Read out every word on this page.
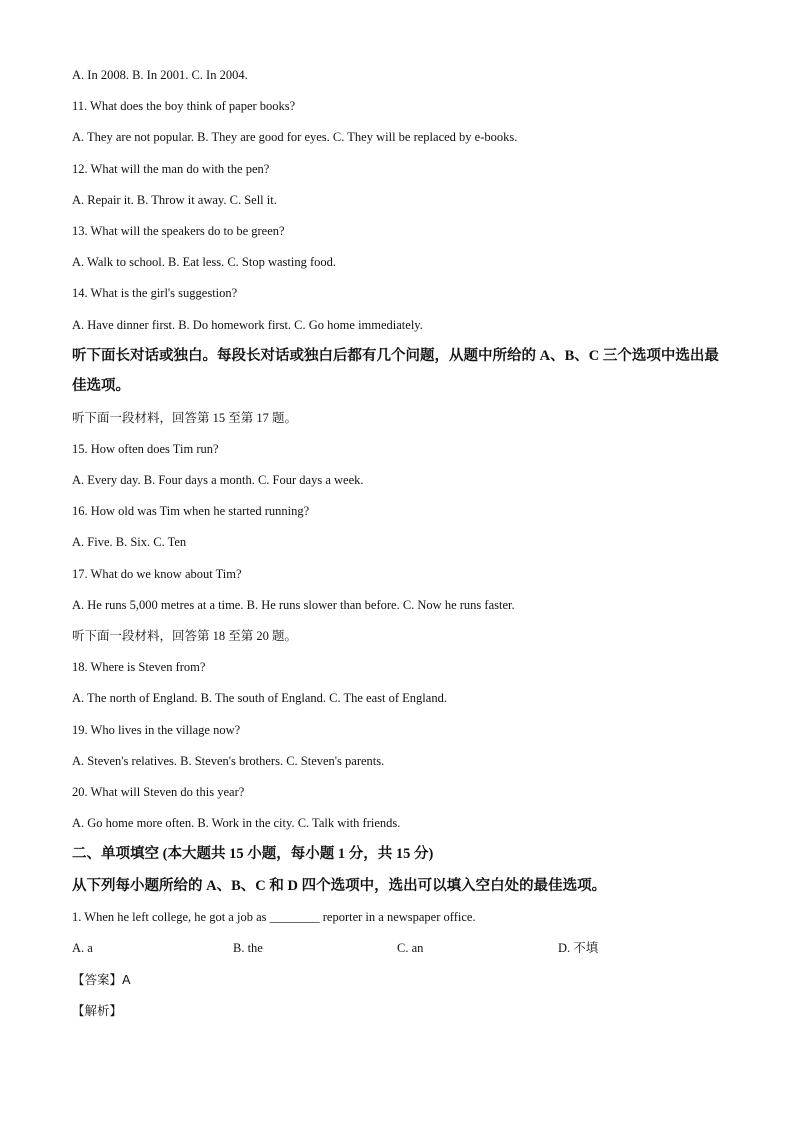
A. In 2008. B. In 2001. C. In 2004.
11. What does the boy think of paper books?
A. They are not popular. B. They are good for eyes. C. They will be replaced by e-books.
12. What will the man do with the pen?
A. Repair it. B. Throw it away. C. Sell it.
13. What will the speakers do to be green?
A. Walk to school. B. Eat less. C. Stop wasting food.
14. What is the girl's suggestion?
A. Have dinner first. B. Do homework first. C. Go home immediately.
听下面长对话或独白。每段长对话或独白后都有几个问题，从题中所给的 A、B、C 三个选项中选出最佳选项。
听下面一段材料，回答第 15 至第 17 题。
15. How often does Tim run?
A. Every day. B. Four days a month. C. Four days a week.
16. How old was Tim when he started running?
A. Five. B. Six. C. Ten
17. What do we know about Tim?
A. He runs 5,000 metres at a time. B. He runs slower than before. C. Now he runs faster.
听下面一段材料，回答第 18 至第 20 题。
18. Where is Steven from?
A. The north of England. B. The south of England. C. The east of England.
19. Who lives in the village now?
A. Steven's relatives. B. Steven's brothers. C. Steven's parents.
20. What will Steven do this year?
A. Go home more often. B. Work in the city. C. Talk with friends.
二、单项填空 (本大题共 15 小题，每小题 1 分，共 15 分)
从下列每小题所给的 A、B、C 和 D 四个选项中，选出可以填入空白处的最佳选项。
1. When he left college, he got a job as ________ reporter in a newspaper office.
A. a	B. the	C. an	D. 不填
【答案】A
【解析】
